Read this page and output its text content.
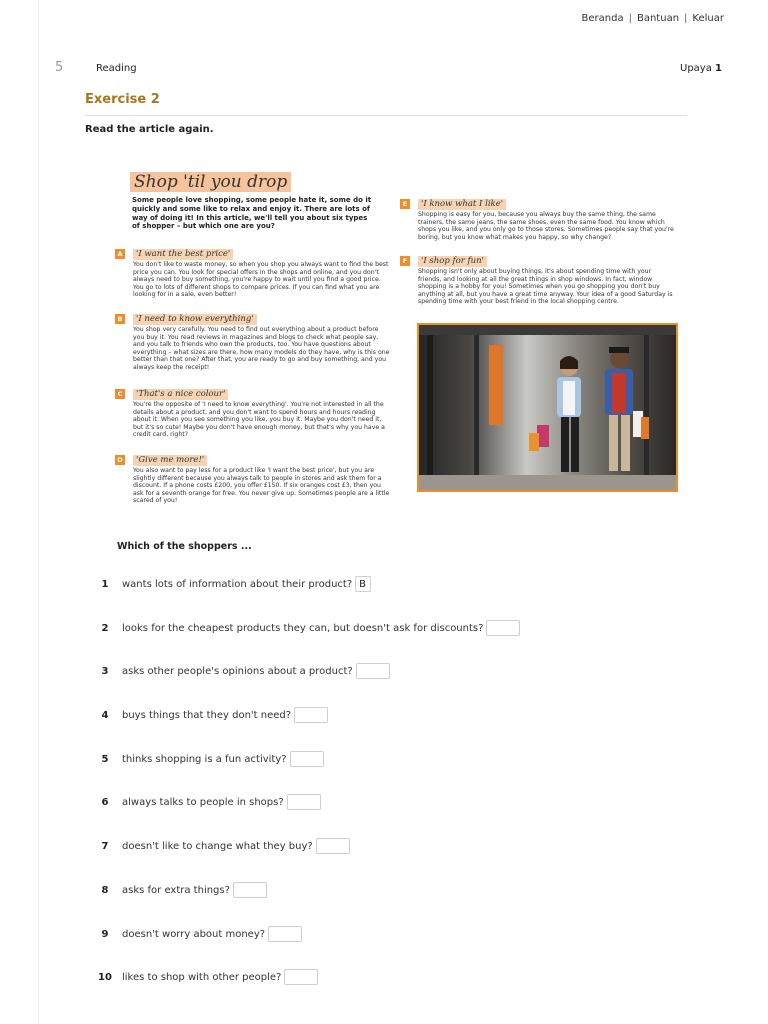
Beranda | Bantuan | Keluar
5	Reading	Upaya 1
Exercise 2
Read the article again.
Shop 'til you drop
Some people love shopping, some people hate it, some do it quickly and some like to relax and enjoy it. There are lots of way of doing it! In this article, we'll tell you about six types of shopper – but which one are you?
A	'I want the best price'
You don't like to waste money, so when you shop you always want to find the best price you can. You look for special offers in the shops and online, and you don't always need to buy something, you're happy to wait until you find a good price. You go to lots of different shops to compare prices. If you can find what you are looking for in a sale, even better!
B	'I need to know everything'
You shop very carefully. You need to find out everything about a product before you buy it. You read reviews in magazines and blogs to check what people say, and you talk to friends who own the products, too. You have questions about everything – what sizes are there, how many models do they have, why is this one better than that one? After that, you are ready to go and buy something, and you always keep the receipt!
C	'That's a nice colour'
You're the opposite of 'I need to know everything'. You're not interested in all the details about a product, and you don't want to spend hours and hours reading about it. When you see something you like, you buy it. Maybe you don't need it, but it's so cute! Maybe you don't have enough money, but that's why you have a credit card, right?
D	'Give me more!'
You also want to pay less for a product like 'I want the best price', but you are slightly different because you always talk to people in stores and ask them for a discount. If a phone costs £200, you offer £150. If six oranges cost £3, then you ask for a seventh orange for free. You never give up. Sometimes people are a little scared of you!
E	'I know what I like'
Shopping is easy for you, because you always buy the same thing, the same trainers, the same jeans, the same shoes, even the same food. You know which shops you like, and you only go to those stores. Sometimes people say that you're boring, but you know what makes you happy, so why change?
F	'I shop for fun'
Shopping isn't only about buying things, it's about spending time with your friends, and looking at all the great things in shop windows. In fact, window shopping is a hobby for you! Sometimes when you go shopping you don't buy anything at all, but you have a great time anyway. Your idea of a good Saturday is spending time with your best friend in the local shopping centre.
Which of the shoppers ...
1	wants lots of information about their product? B
2	looks for the cheapest products they can, but doesn't ask for discounts?
3	asks other people's opinions about a product?
4	buys things that they don't need?
5	thinks shopping is a fun activity?
6	always talks to people in shops?
7	doesn't like to change what they buy?
8	asks for extra things?
9	doesn't worry about money?
10 likes to shop with other people?
